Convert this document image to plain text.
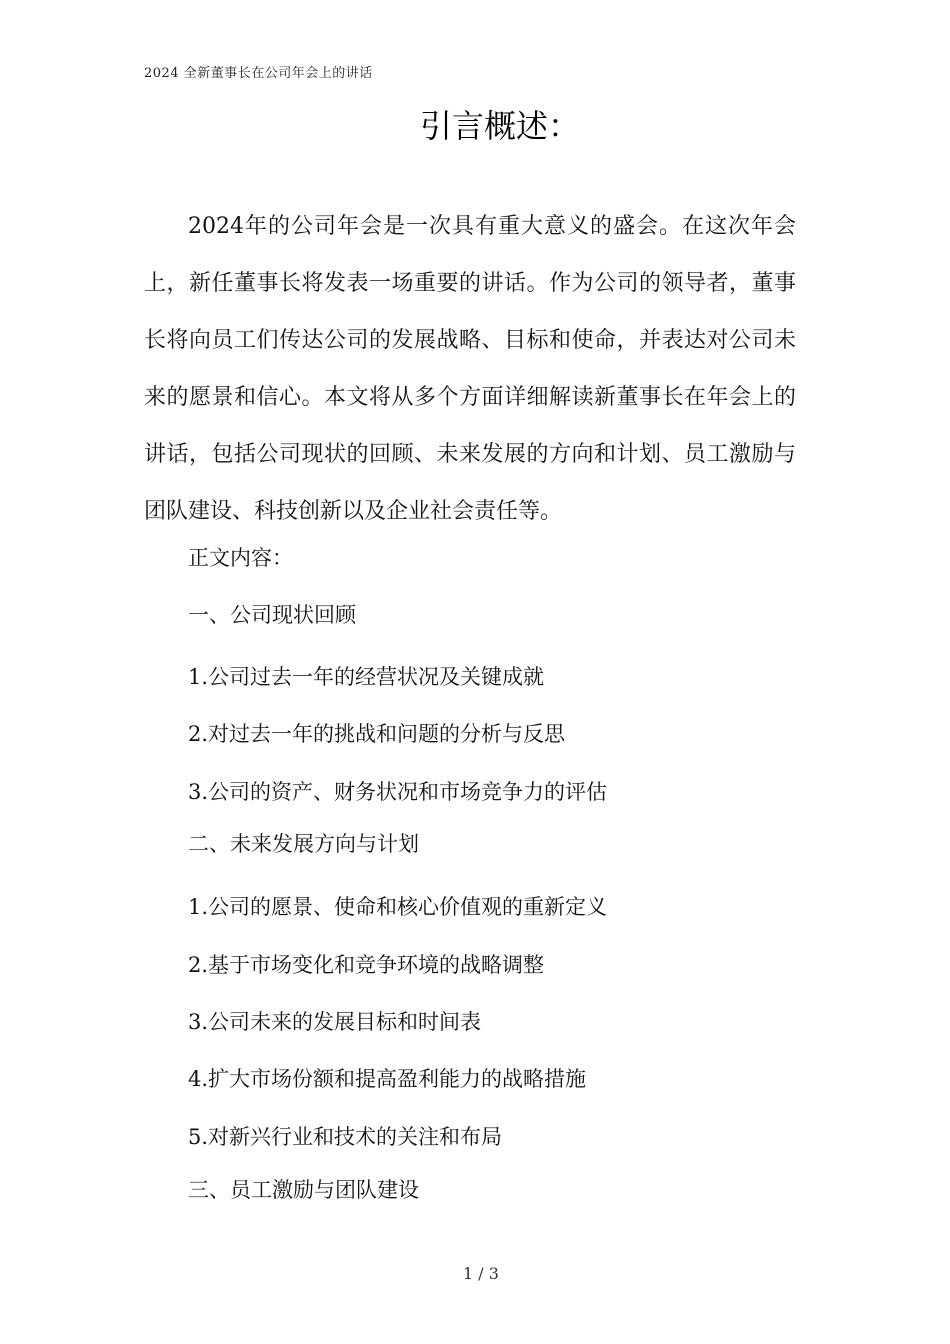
2024 全新董事长在公司年会上的讲话
引言概述：

2024年的公司年会是一次具有重大意义的盛会。在这次年会上，新任董事长将发表一场重要的讲话。作为公司的领导者，董事长将向员工们传达公司的发展战略、目标和使命，并表达对公司未来的愿景和信心。本文将从多个方面详细解读新董事长在年会上的讲话，包括公司现状的回顾、未来发展的方向和计划、员工激励与团队建设、科技创新以及企业社会责任等。

正文内容：
一、公司现状回顾
1.公司过去一年的经营状况及关键成就
2.对过去一年的挑战和问题的分析与反思
3.公司的资产、财务状况和市场竞争力的评估
二、未来发展方向与计划
1.公司的愿景、使命和核心价值观的重新定义
2.基于市场变化和竞争环境的战略调整
3.公司未来的发展目标和时间表
4.扩大市场份额和提高盈利能力的战略措施
5.对新兴行业和技术的关注和布局
三、员工激励与团队建设
1 / 3
